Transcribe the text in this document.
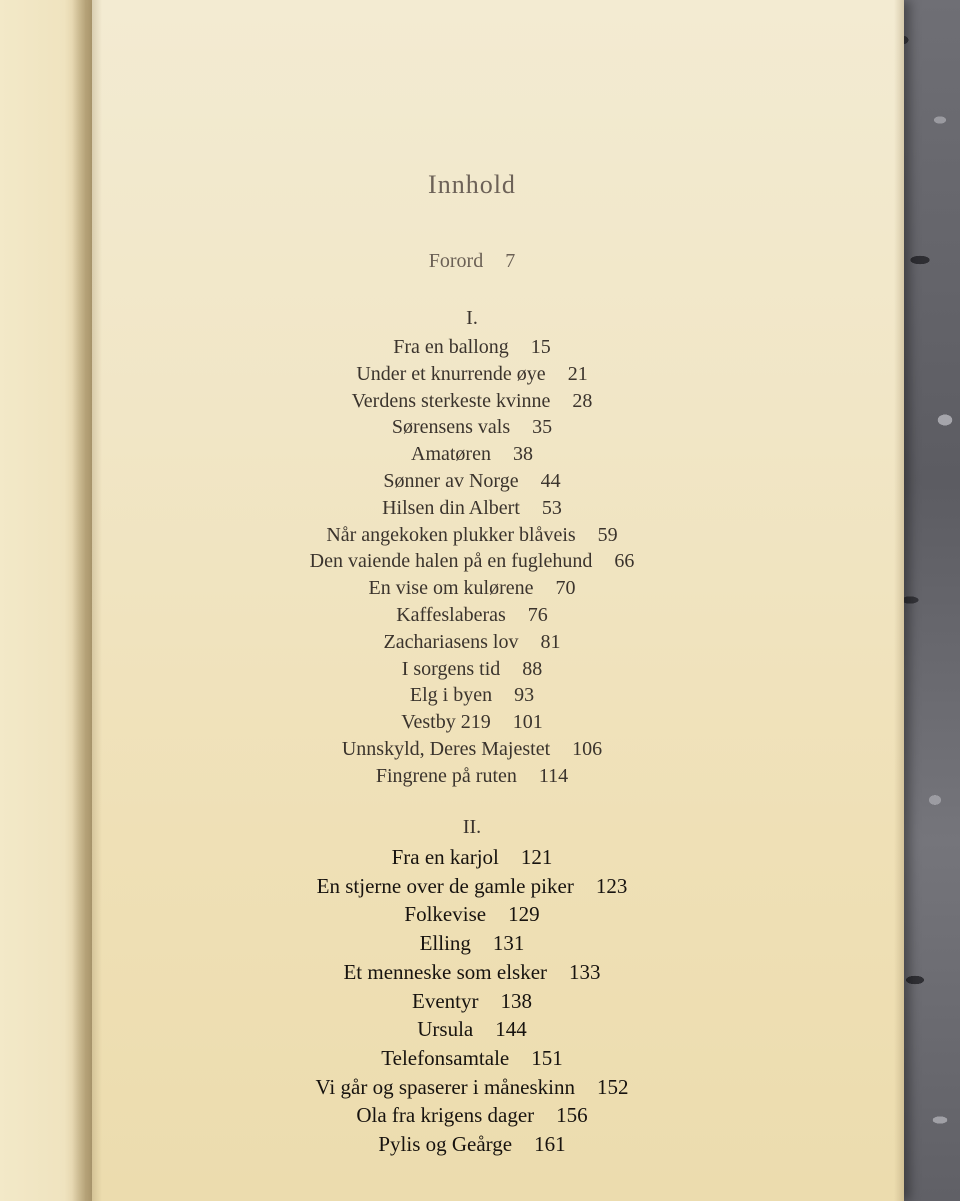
Innhold
Forord 7
I.
Fra en ballong 15
Under et knurrende øye 21
Verdens sterkeste kvinne 28
Sørensens vals 35
Amatøren 38
Sønner av Norge 44
Hilsen din Albert 53
Når angekoken plukker blåveis 59
Den vaiende halen på en fuglehund 66
En vise om kulørene 70
Kaffeslaberas 76
Zachariasens lov 81
I sorgens tid 88
Elg i byen 93
Vestby 219 101
Unnskyld, Deres Majestet 106
Fingrene på ruten 114
II.
Fra en karjol 121
En stjerne over de gamle piker 123
Folkevise 129
Elling 131
Et menneske som elsker 133
Eventyr 138
Ursula 144
Telefonsamtale 151
Vi går og spaserer i måneskinn 152
Ola fra krigens dager 156
Pylis og Geårge 161
